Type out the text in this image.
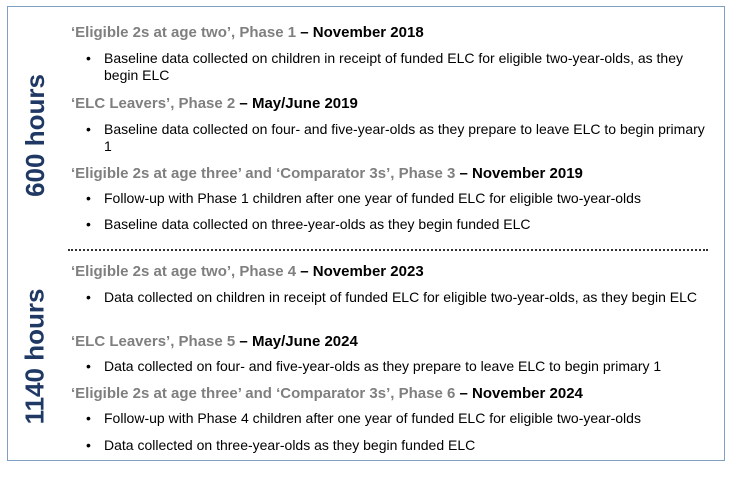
600 hours
1140 hours
‘Eligible 2s at age two’, Phase 1 – November 2018
• Baseline data collected on children in receipt of funded ELC for eligible two-year-olds, as they begin ELC
‘ELC Leavers’, Phase 2 – May/June 2019
• Baseline data collected on four- and five-year-olds as they prepare to leave ELC to begin primary 1
‘Eligible 2s at age three’ and ‘Comparator 3s’, Phase 3 – November 2019
• Follow-up with Phase 1 children after one year of funded ELC for eligible two-year-olds
• Baseline data collected on three-year-olds as they begin funded ELC
‘Eligible 2s at age two’, Phase 4 – November 2023
• Data collected on children in receipt of funded ELC for eligible two-year-olds, as they begin ELC
‘ELC Leavers’, Phase 5 – May/June 2024
• Data collected on four- and five-year-olds as they prepare to leave ELC to begin primary 1
‘Eligible 2s at age three’ and ‘Comparator 3s’, Phase 6 – November 2024
• Follow-up with Phase 4 children after one year of funded ELC for eligible two-year-olds
• Data collected on three-year-olds as they begin funded ELC
